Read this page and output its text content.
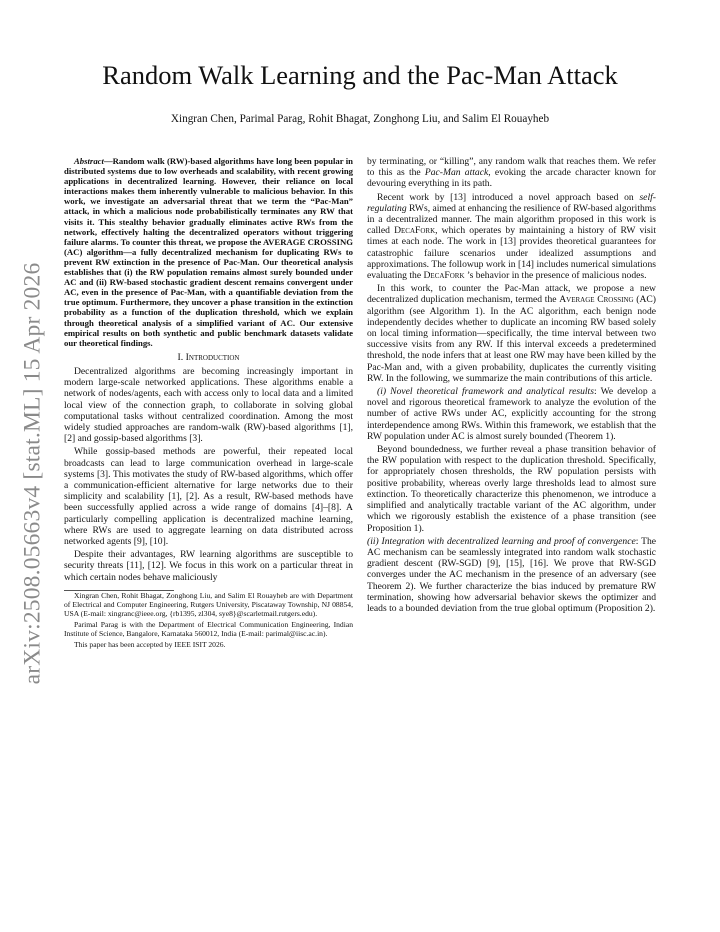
arXiv:2508.05663v4 [stat.ML] 15 Apr 2026
Random Walk Learning and the Pac-Man Attack
Xingran Chen, Parimal Parag, Rohit Bhagat, Zonghong Liu, and Salim El Rouayheb

Abstract—Random walk (RW)-based algorithms have long been popular in distributed systems due to low overheads and scalability, with recent growing applications in decentralized learning. However, their reliance on local interactions makes them inherently vulnerable to malicious behavior. In this work, we investigate an adversarial threat that we term the “Pac-Man” attack, in which a malicious node probabilistically terminates any RW that visits it. This stealthy behavior gradually eliminates active RWs from the network, effectively halting the decentralized operators without triggering failure alarms. To counter this threat, we propose the AVERAGE CROSSING (AC) algorithm—a fully decentralized mechanism for duplicating RWs to prevent RW extinction in the presence of Pac-Man. Our theoretical analysis establishes that (i) the RW population remains almost surely bounded under AC and (ii) RW-based stochastic gradient descent remains convergent under AC, even in the presence of Pac-Man, with a quantifiable deviation from the true optimum. Furthermore, they uncover a phase transition in the extinction probability as a function of the duplication threshold, which we explain through theoretical analysis of a simplified variant of AC. Our extensive empirical results on both synthetic and public benchmark datasets validate our theoretical findings.

I. Introduction

Decentralized algorithms are becoming increasingly important in modern large-scale networked applications. These algorithms enable a network of nodes/agents, each with access only to local data and a limited local view of the connection graph, to collaborate in solving global computational tasks without centralized coordination. Among the most widely studied approaches are random-walk (RW)-based algorithms [1], [2] and gossip-based algorithms [3].

While gossip-based methods are powerful, their repeated local broadcasts can lead to large communication overhead in large-scale systems [3]. This motivates the study of RW-based algorithms, which offer a communication-efficient alternative for large networks due to their simplicity and scalability [1], [2]. As a result, RW-based methods have been successfully applied across a wide range of domains [4]–[8]. A particularly compelling application is decentralized machine learning, where RWs are used to aggregate learning on data distributed across networked agents [9], [10].

Despite their advantages, RW learning algorithms are susceptible to security threats [11], [12]. We focus in this work on a particular threat in which certain nodes behave maliciously

Xingran Chen, Rohit Bhagat, Zonghong Liu, and Salim El Rouayheb are with Department of Electrical and Computer Engineering, Rutgers University, Piscataway Township, NJ 08854, USA (E-mail: xingranc@ieee.org, {rb1395, zl304, sye8}@scarletmail.rutgers.edu).

Parimal Parag is with the Department of Electrical Communication Engineering, Indian Institute of Science, Bangalore, Karnataka 560012, India (E-mail: parimal@iisc.ac.in).

This paper has been accepted by IEEE ISIT 2026.

by terminating, or “killing”, any random walk that reaches them. We refer to this as the Pac-Man attack, evoking the arcade character known for devouring everything in its path.

Recent work by [13] introduced a novel approach based on self-regulating RWs, aimed at enhancing the resilience of RW-based algorithms in a decentralized manner. The main algorithm proposed in this work is called DecaFork, which operates by maintaining a history of RW visit times at each node. The work in [13] provides theoretical guarantees for catastrophic failure scenarios under idealized assumptions and approximations. The followup work in [14] includes numerical simulations evaluating the DecaFork ’s behavior in the presence of malicious nodes.

In this work, to counter the Pac-Man attack, we propose a new decentralized duplication mechanism, termed the Average Crossing (AC) algorithm (see Algorithm 1). In the AC algorithm, each benign node independently decides whether to duplicate an incoming RW based solely on local timing information—specifically, the time interval between two successive visits from any RW. If this interval exceeds a predetermined threshold, the node infers that at least one RW may have been killed by the Pac-Man and, with a given probability, duplicates the currently visiting RW. In the following, we summarize the main contributions of this article.

(i) Novel theoretical framework and analytical results: We develop a novel and rigorous theoretical framework to analyze the evolution of the number of active RWs under AC, explicitly accounting for the strong interdependence among RWs. Within this framework, we establish that the RW population under AC is almost surely bounded (Theorem 1).

Beyond boundedness, we further reveal a phase transition behavior of the RW population with respect to the duplication threshold. Specifically, for appropriately chosen thresholds, the RW population persists with positive probability, whereas overly large thresholds lead to almost sure extinction. To theoretically characterize this phenomenon, we introduce a simplified and analytically tractable variant of the AC algorithm, under which we rigorously establish the existence of a phase transition (see Proposition 1).

(ii) Integration with decentralized learning and proof of convergence: The AC mechanism can be seamlessly integrated into random walk stochastic gradient descent (RW-SGD) [9], [15], [16]. We prove that RW-SGD converges under the AC mechanism in the presence of an adversary (see Theorem 2). We further characterize the bias induced by premature RW termination, showing how adversarial behavior skews the optimizer and leads to a bounded deviation from the true global optimum (Proposition 2).
